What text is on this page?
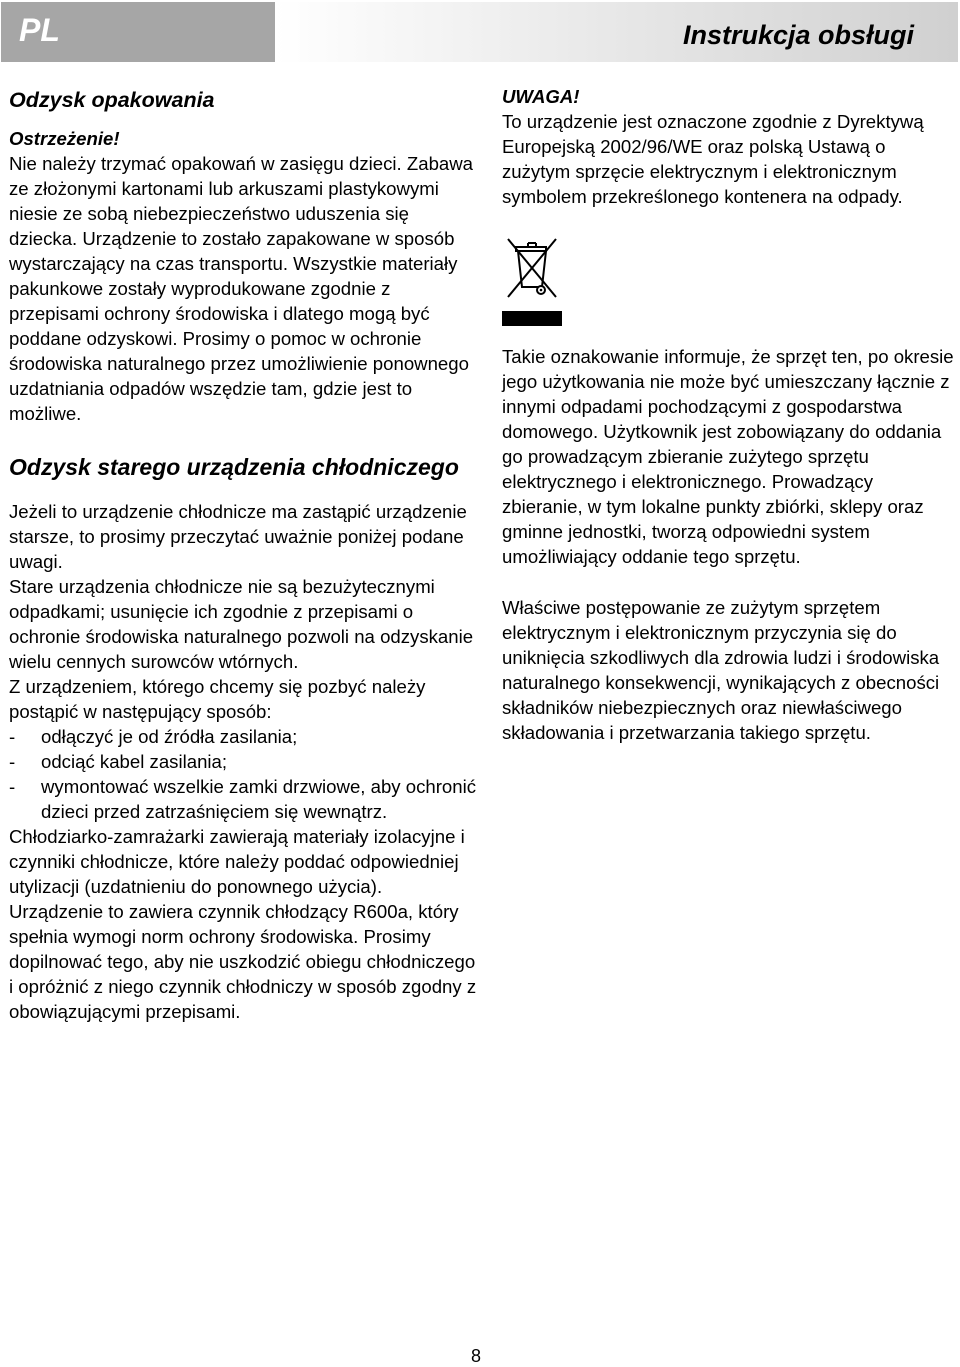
PL	Instrukcja obsługi
Odzysk opakowania
Ostrzeżenie!
Nie należy trzymać opakowań w zasięgu dzieci. Zabawa ze złożonymi kartonami lub arkuszami plastykowymi niesie ze sobą niebezpieczeństwo uduszenia się dziecka. Urządzenie to zostało zapakowane w sposób wystarczający na czas transportu. Wszystkie materiały pakunkowe zostały wyprodukowane zgodnie z przepisami ochrony środowiska i dlatego mogą być poddane odzyskowi. Prosimy o pomoc w ochronie środowiska naturalnego przez umożliwienie ponownego uzdatniania odpadów wszędzie tam, gdzie jest to możliwe.
Odzysk starego urządzenia chłodniczego
Jeżeli to urządzenie chłodnicze ma zastąpić urządzenie starsze, to prosimy przeczytać uważnie poniżej podane uwagi.
Stare urządzenia chłodnicze nie są bezużytecznymi odpadkami; usunięcie ich zgodnie z przepisami o ochronie środowiska naturalnego pozwoli na odzyskanie wielu cennych surowców wtórnych.
Z urządzeniem, którego chcemy się pozbyć należy postąpić w następujący sposób:
-	odłączyć je od źródła zasilania;
-	odciąć kabel zasilania;
-	wymontować wszelkie zamki drzwiowe, aby ochronić dzieci przed zatrzaśnięciem się wewnątrz.
Chłodziarko-zamrażarki zawierają materiały izolacyjne i czynniki chłodnicze, które należy poddać odpowiedniej utylizacji (uzdatnieniu do ponownego użycia).
Urządzenie to zawiera czynnik chłodzący R600a, który spełnia wymogi norm ochrony środowiska. Prosimy dopilnować tego, aby nie uszkodzić obiegu chłodniczego i opróżnić z niego czynnik chłodniczy w sposób zgodny z obowiązującymi przepisami.
UWAGA!
To urządzenie jest oznaczone zgodnie z Dyrektywą Europejską 2002/96/WE oraz polską Ustawą o zużytym sprzęcie elektrycznym i elektronicznym symbolem przekreślonego kontenera na odpady.
Takie oznakowanie informuje, że sprzęt ten, po okresie jego użytkowania nie może być umieszczany łącznie z innymi odpadami pochodzącymi z gospodarstwa domowego. Użytkownik jest zobowiązany do oddania go prowadzącym zbieranie zużytego sprzętu elektrycznego i elektronicznego. Prowadzący zbieranie, w tym lokalne punkty zbiórki, sklepy oraz gminne jednostki, tworzą odpowiedni system umożliwiający oddanie tego sprzętu.
Właściwe postępowanie ze zużytym sprzętem elektrycznym i elektronicznym przyczynia się do uniknięcia szkodliwych dla zdrowia ludzi i środowiska naturalnego konsekwencji, wynikających z obecności składników niebezpiecznych oraz niewłaściwego składowania i przetwarzania takiego sprzętu.
8
